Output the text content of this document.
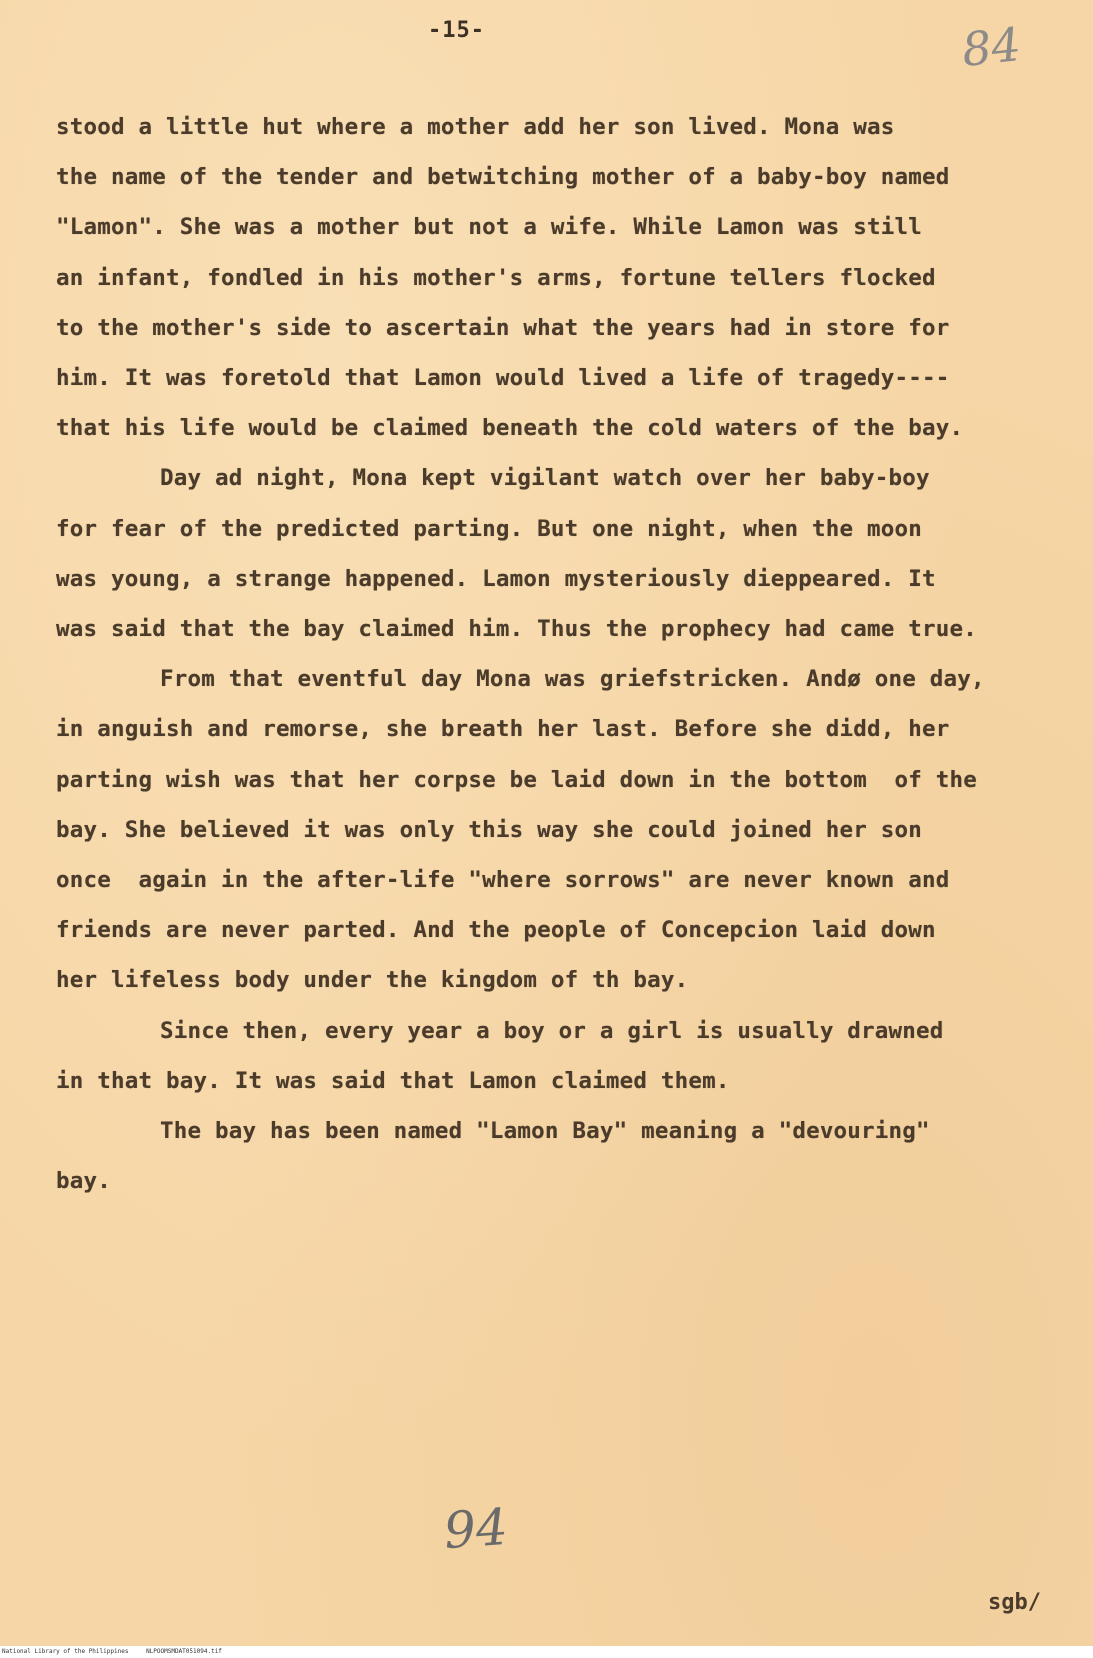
-15-	84
stood a little hut where a mother add her son lived. Mona was
the name of the tender and betwitching mother of a baby-boy named
"Lamon". She was a mother but not a wife. While Lamon was still
an infant, fondled in his mother's arms, fortune tellers flocked
to the mother's side to ascertain what the years had in store for
him. It was foretold that Lamon would lived a life of tragedy----
that his life would be claimed beneath the cold waters of the bay.
Day ad night, Mona kept vigilant watch over her baby-boy
for fear of the predicted parting. But one night, when the moon
was young, a strange happened. Lamon mysteriously dieppeared. It
was said that the bay claimed him. Thus the prophecy had came true.
From that eventful day Mona was griefstricken. Andø one day,
in anguish and remorse, she breath her last. Before she didd, her
parting wish was that her corpse be laid down in the bottom  of the
bay. She believed it was only this way she could joined her son
once  again in the after-life "where sorrows" are never known and
friends are never parted. And the people of Concepcion laid down
her lifeless body under the kingdom of th bay.
Since then, every year a boy or a girl is usually drawned
in that bay. It was said that Lamon claimed them.
The bay has been named "Lamon Bay" meaning a "devouring"
bay.
94
sgb/
National Library of the Philippines	NLPOOMSMDAT051094.tif
